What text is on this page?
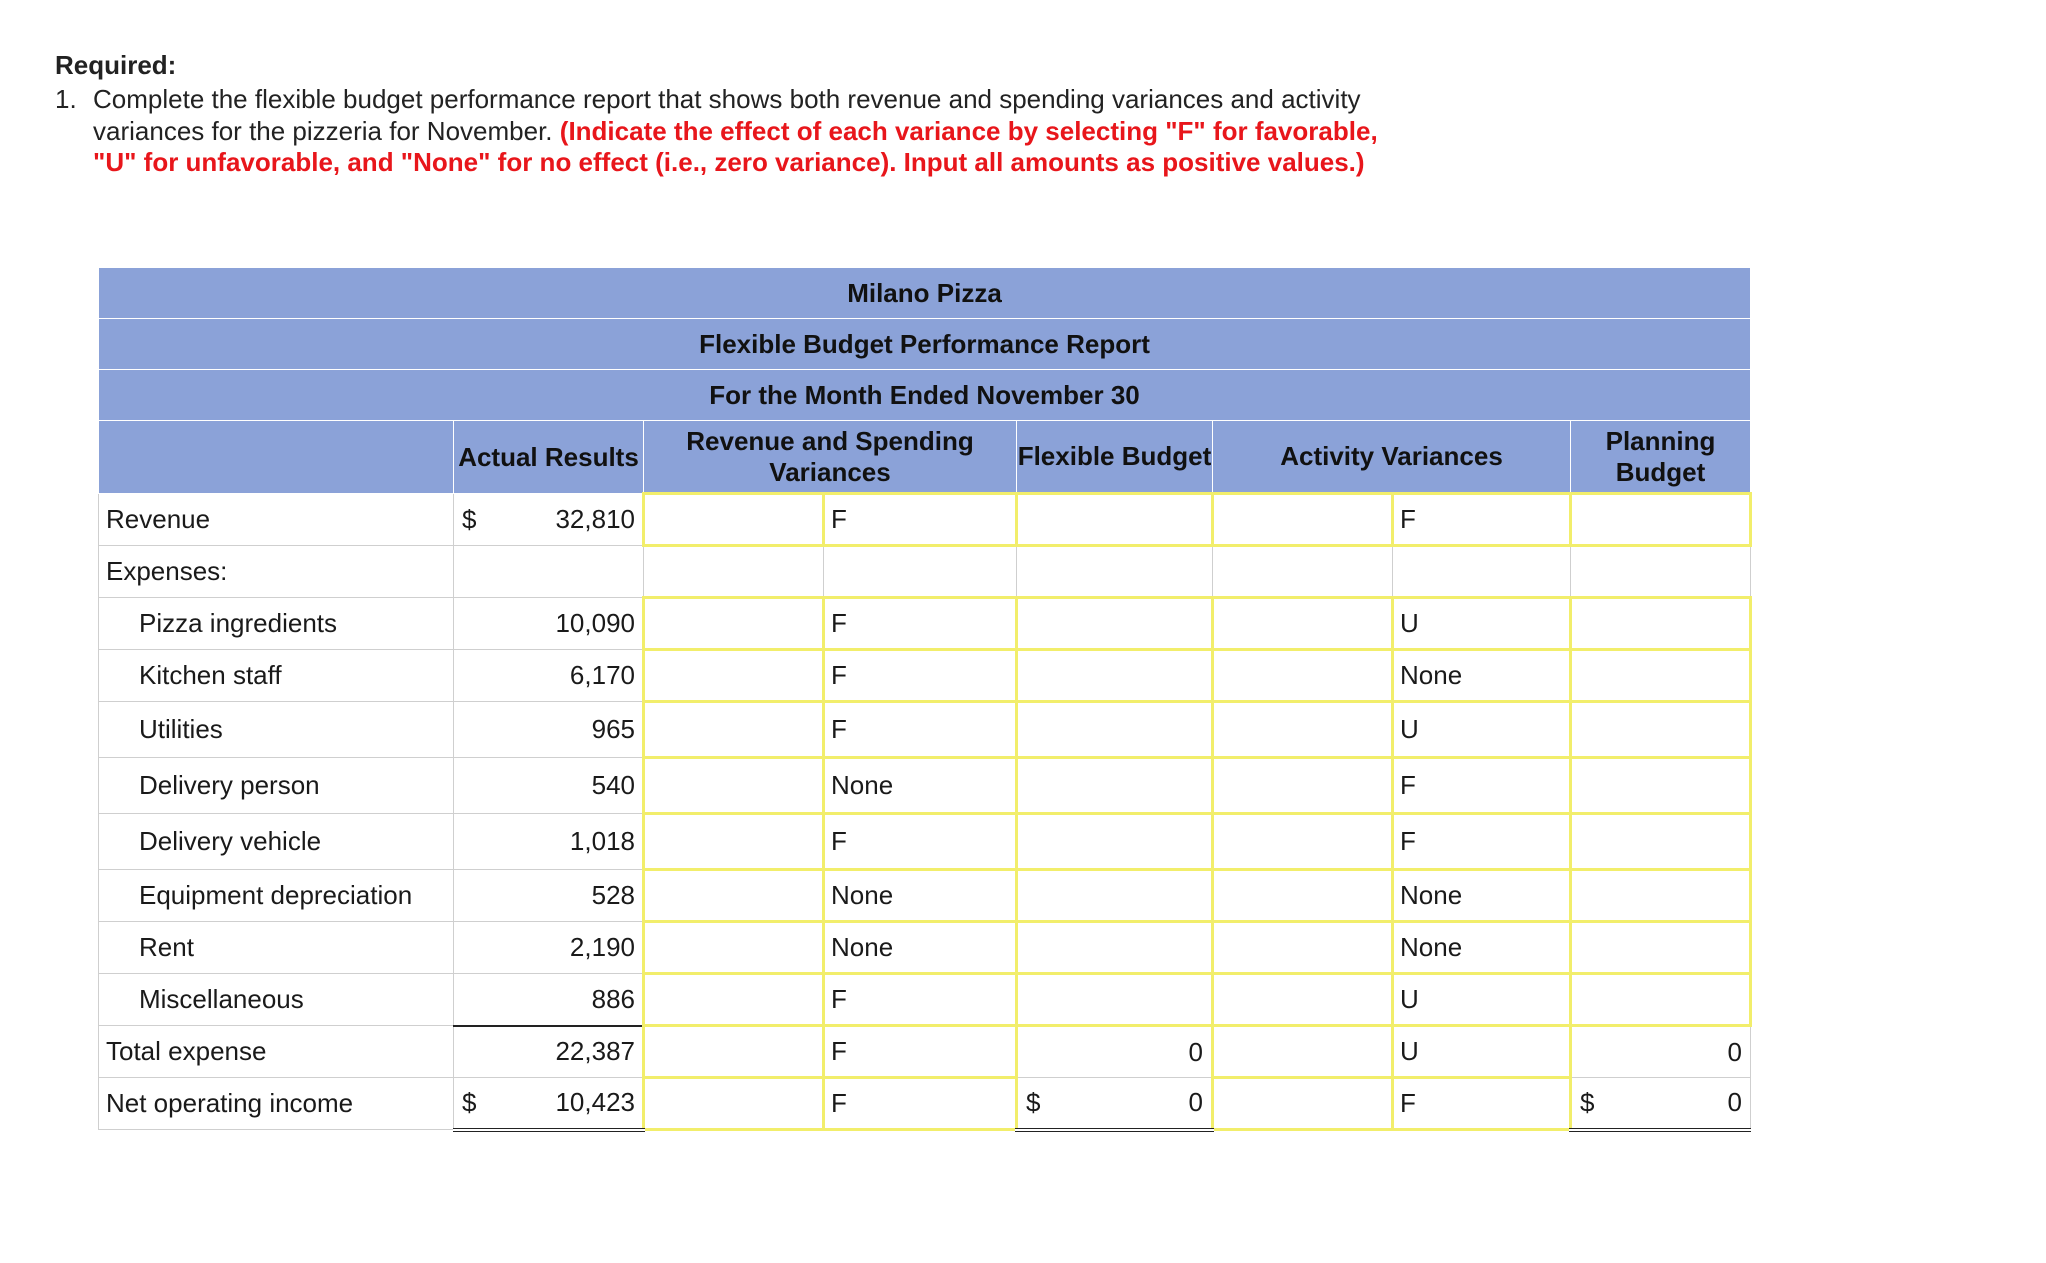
Required:
1. Complete the flexible budget performance report that shows both revenue and spending variances and activity variances for the pizzeria for November. (Indicate the effect of each variance by selecting "F" for favorable, "U" for unfavorable, and "None" for no effect (i.e., zero variance). Input all amounts as positive values.)
Milano Pizza							
Flexible Budget Performance Report							
For the Month Ended November 30							
	Actual Results	Revenue and Spending Variances		Flexible Budget	Activity Variances		Planning Budget
Revenue	$ 32,810		F			F	
Expenses:							
Pizza ingredients	10,090		F			U	
Kitchen staff	6,170		F			None	
Utilities	965		F			U	
Delivery person	540		None			F	
Delivery vehicle	1,018		F			F	
Equipment depreciation	528		None			None	
Rent	2,190		None			None	
Miscellaneous	886		F			U	
Total expense	22,387		F	0		U	0
Net operating income	$ 10,423		F	$ 0		F	$ 0
